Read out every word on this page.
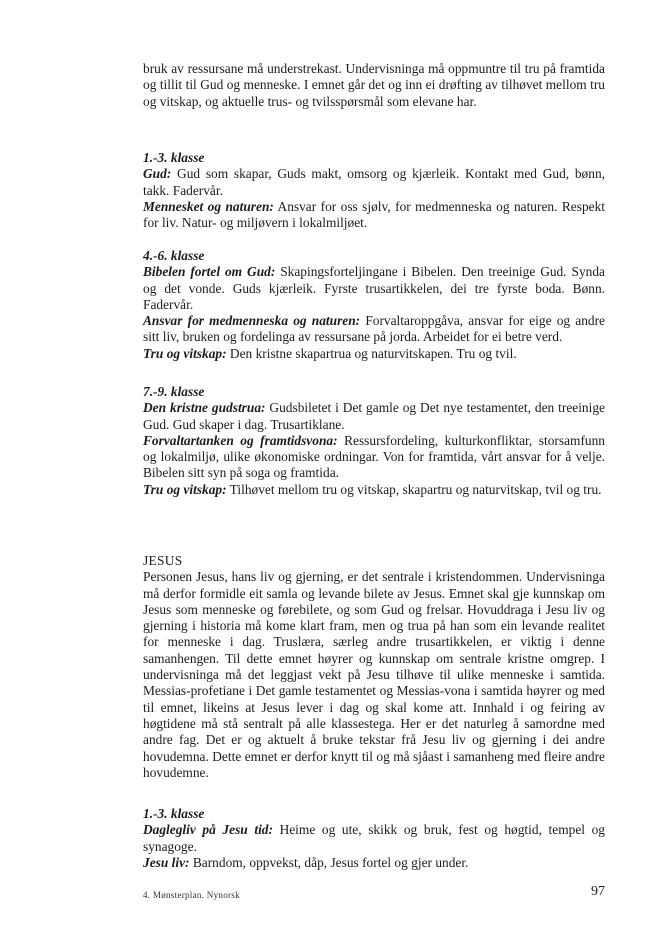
bruk av ressursane må understrekast. Undervisninga må oppmuntre til tru på framtida og tillit til Gud og menneske. I emnet går det og inn ei drøfting av tilhøvet mellom tru og vitskap, og aktuelle trus- og tvilsspørsmål som elevane har.

1.-3. klasse

Gud: Gud som skapar, Guds makt, omsorg og kjærleik. Kontakt med Gud, bønn, takk. Fadervår.

Mennesket og naturen: Ansvar for oss sjølv, for medmenneska og naturen. Respekt for liv. Natur- og miljøvern i lokalmiljøet.

4.-6. klasse

Bibelen fortel om Gud: Skapingsforteljingane i Bibelen. Den treeinige Gud. Synda og det vonde. Guds kjærleik. Fyrste trusartikkelen, dei tre fyrste boda. Bønn. Fadervår.

Ansvar for medmenneska og naturen: Forvaltaroppgåva, ansvar for eige og andre sitt liv, bruken og fordelinga av ressursane på jorda. Arbeidet for ei betre verd.

Tru og vitskap: Den kristne skapartrua og naturvitskapen. Tru og tvil.

7.-9. klasse

Den kristne gudstrua: Gudsbiletet i Det gamle og Det nye testamentet, den treeinige Gud. Gud skaper i dag. Trusartiklane.

Forvaltartanken og framtidsvona: Ressursfordeling, kulturkonfliktar, storsamfunn og lokalmiljø, ulike økonomiske ordningar. Von for framtida, vårt ansvar for å velje. Bibelen sitt syn på soga og framtida.

Tru og vitskap: Tilhøvet mellom tru og vitskap, skapartru og naturvitskap, tvil og tru.

JESUS

Personen Jesus, hans liv og gjerning, er det sentrale i kristendommen. Undervisninga må derfor formidle eit samla og levande bilete av Jesus. Emnet skal gje kunnskap om Jesus som menneske og førebilete, og som Gud og frelsar. Hovuddraga i Jesu liv og gjerning i historia må kome klart fram, men og trua på han som ein levande realitet for menneske i dag. Truslæra, særleg andre trusartikkelen, er viktig i denne samanhengen. Til dette emnet høyrer og kunnskap om sentrale kristne omgrep. I undervisninga må det leggjast vekt på Jesu tilhøve til ulike menneske i samtida. Messias-profetiane i Det gamle testamentet og Messias-vona i samtida høyrer og med til emnet, likeins at Jesus lever i dag og skal kome att. Innhald i og feiring av høgtidene må stå sentralt på alle klassestega. Her er det naturleg å samordne med andre fag. Det er og aktuelt å bruke tekstar frå Jesu liv og gjerning i dei andre hovudemna. Dette emnet er derfor knytt til og må sjåast i samanheng med fleire andre hovudemne.

1.-3. klasse

Daglegliv på Jesu tid: Heime og ute, skikk og bruk, fest og høgtid, tempel og synagoge.

Jesu liv: Barndom, oppvekst, dåp, Jesus fortel og gjer under.

4. Mønsterplan. Nynorsk	97
